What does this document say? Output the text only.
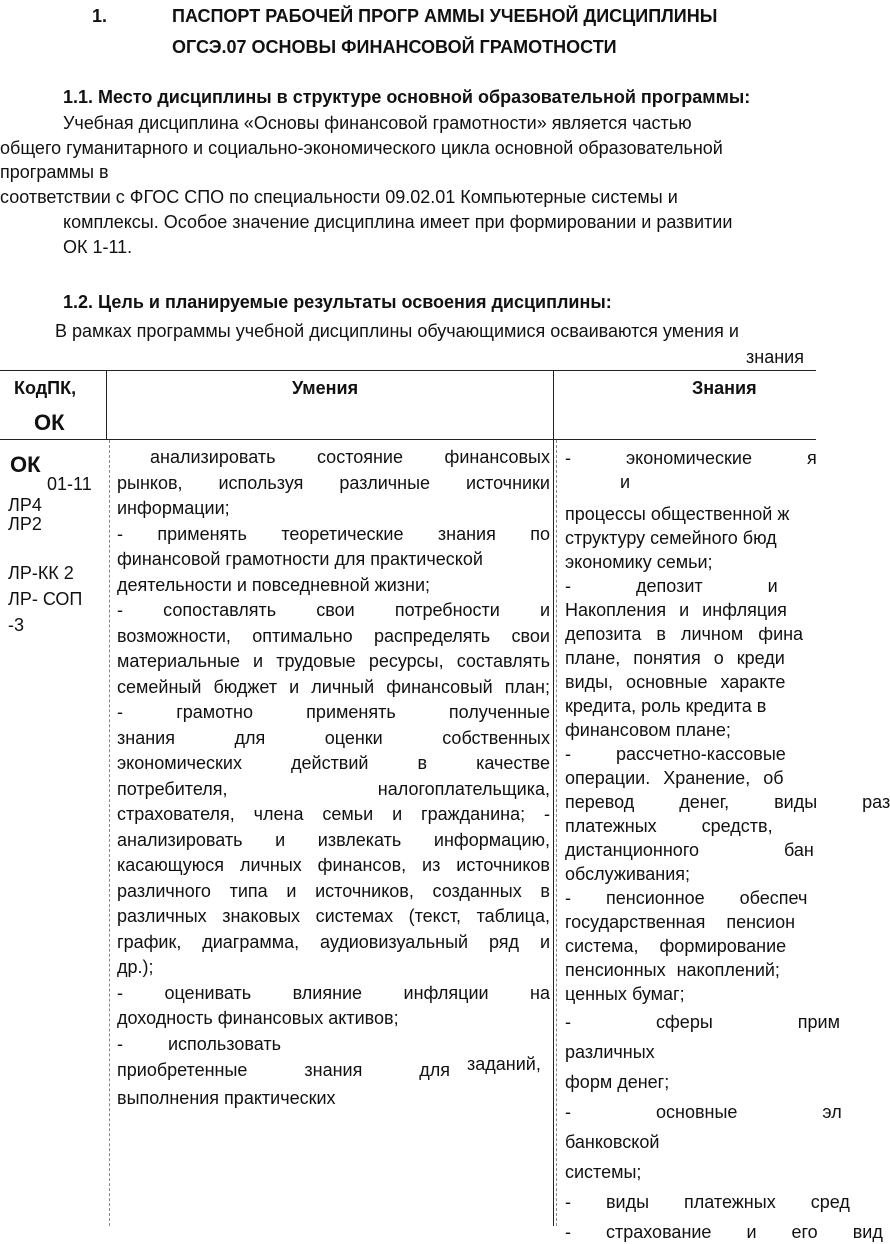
1.	ПАСПОРТ РАБОЧЕЙ ПРОГР АММЫ УЧЕБНОЙ ДИСЦИПЛИНЫ
ОГСЭ.07 ОСНОВЫ ФИНАНСОВОЙ ГРАМОТНОСТИ
1.1. Место дисциплины в структуре основной образовательной программы:
Учебная дисциплина «Основы финансовой грамотности» является частью
общего гуманитарного и социально-экономического цикла основной образовательной
программы в
соответствии с ФГОС СПО по специальности 09.02.01 Компьютерные системы и
комплексы. Особое значение дисциплина имеет при формировании и развитии
ОК 1-11.
1.2. Цель и планируемые результаты освоения дисциплины:
В рамках программы учебной дисциплины обучающимися осваиваются умения и
знания
КодПК,
ОК
Умения	Знания
ОК
01-11
ЛР4
ЛР2
ЛР-КК 2
ЛР- СОП
-3
анализировать состояние финансовых
рынков, используя различные источники
информации;
- применять теоретические знания по
финансовой грамотности для практической
деятельности и повседневной жизни;
- сопоставлять свои потребности и
возможности, оптимально распределять свои
материальные и трудовые ресурсы, составлять
семейный бюджет и личный финансовый план;
- грамотно применять полученные
знания для оценки собственных
экономических действий в качестве
потребителя, налогоплательщика,
страхователя, члена семьи и гражданина; -
анализировать и извлекать информацию,
касающуюся личных финансов, из источников
различного типа и источников, созданных в
различных знаковых системах (текст, таблица,
график, диаграмма, аудиовизуальный ряд и
др.);
- оценивать влияние инфляции на
доходность финансовых активов;
- использовать
приобретенные знания для заданий,
выполнения практических
- экономические я
и
процессы общественной ж
структуру семейного бюд
экономику семьи;
- депозит и
Накопления и инфляция
депозита в личном фина
плане, понятия о креди
виды, основные характе
кредита, роль кредита в
финансовом плане;
- рассчетно-кассовые
операции. Хранение, об
перевод денег, виды раз
платежных средств,
дистанционного бан
обслуживания;
- пенсионное обеспеч
государственная пенсион
система, формирование
пенсионных накоплений;
ценных бумаг;
- сферы прим
различных
форм денег;
- основные эл
банковской
системы;
- виды платежных сред
- страхование и его вид
